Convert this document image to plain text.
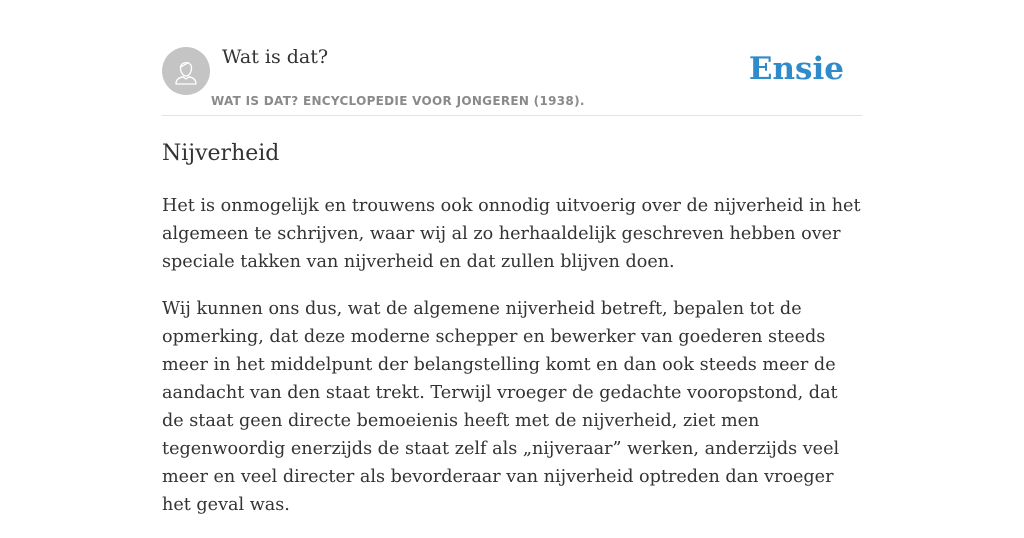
Wat is dat?
WAT IS DAT? ENCYCLOPEDIE VOOR JONGEREN (1938).
Ensie
Nijverheid

Het is onmogelijk en trouwens ook onnodig uitvoerig over de nijverheid in het algemeen te schrijven, waar wij al zo herhaaldelijk geschreven hebben over speciale takken van nijverheid en dat zullen blijven doen.

Wij kunnen ons dus, wat de algemene nijverheid betreft, bepalen tot de opmerking, dat deze moderne schepper en bewerker van goederen steeds meer in het middelpunt der belangstelling komt en dan ook steeds meer de aandacht van den staat trekt. Terwijl vroeger de gedachte vooropstond, dat de staat geen directe bemoeienis heeft met de nijverheid, ziet men tegenwoordig enerzijds de staat zelf als „nijveraar” werken, anderzijds veel meer en veel directer als bevorderaar van nijverheid optreden dan vroeger het geval was.
